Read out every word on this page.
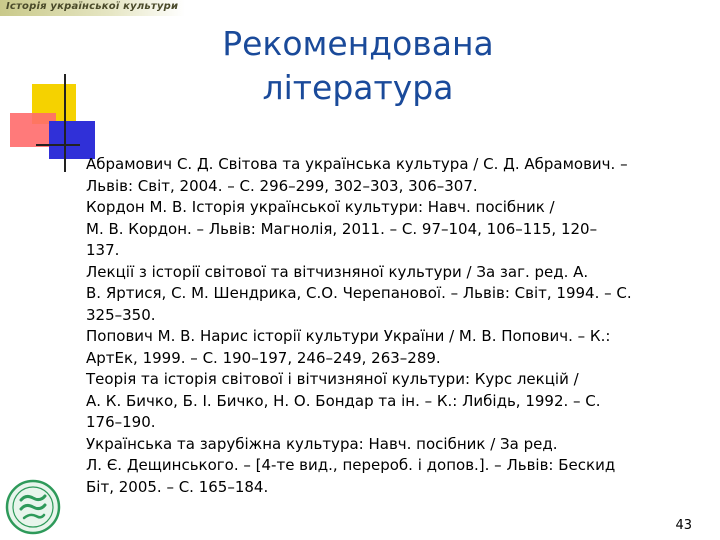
Історія української культури
Рекомендована
література
Абрамович С. Д. Світова та українська культура / С. Д. Абрамович. –
Львів: Світ, 2004. – С. 296–299, 302–303, 306–307.
Кордон М. В. Історія української культури: Навч. посібник /
М. В. Кордон. – Львів: Магнолія, 2011. – С. 97–104, 106–115, 120–
137.
Лекції з історії світової та вітчизняної культури / За заг. ред. А.
В. Яртися, С. М. Шендрика, С.О. Черепанової. – Львів: Світ, 1994. – С.
325–350.
Попович М. В. Нарис історії культури України / М. В. Попович. – К.:
АртЕк, 1999. – С. 190–197, 246–249, 263–289.
Теорія та історія світової і вітчизняної культури: Курс лекцій /
А. К. Бичко, Б. І. Бичко, Н. О. Бондар та ін. – К.: Либідь, 1992. – С.
176–190.
Українська та зарубіжна культура: Навч. посібник / За ред.
Л. Є. Дещинського. – [4-те вид., перероб. і допов.]. – Львів: Бескид
Біт, 2005. – С. 165–184.
43
